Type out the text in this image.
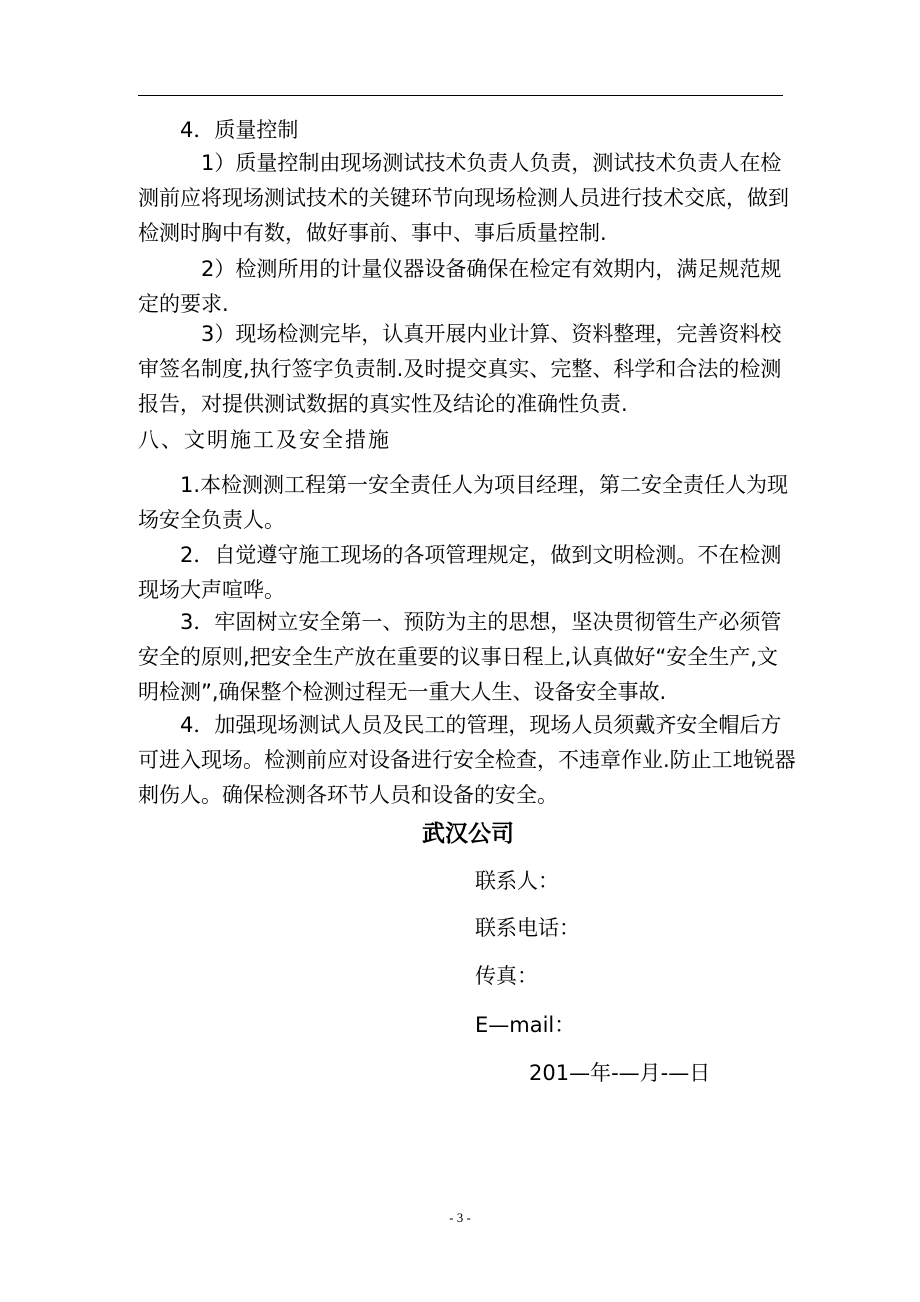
4．质量控制

　1）质量控制由现场测试技术负责人负责，测试技术负责人在检测前应将现场测试技术的关键环节向现场检测人员进行技术交底，做到检测时胸中有数，做好事前、事中、事后质量控制.

　2）检测所用的计量仪器设备确保在检定有效期内，满足规范规定的要求.

　3）现场检测完毕，认真开展内业计算、资料整理，完善资料校审签名制度,执行签字负责制.及时提交真实、完整、科学和合法的检测报告，对提供测试数据的真实性及结论的准确性负责.

八、文明施工及安全措施

1.本检测测工程第一安全责任人为项目经理，第二安全责任人为现场安全负责人。

2．自觉遵守施工现场的各项管理规定，做到文明检测。不在检测现场大声喧哗。

3．牢固树立安全第一、预防为主的思想，坚决贯彻管生产必须管安全的原则,把安全生产放在重要的议事日程上,认真做好“安全生产,文明检测”,确保整个检测过程无一重大人生、设备安全事故.

4．加强现场测试人员及民工的管理，现场人员须戴齐安全帽后方可进入现场。检测前应对设备进行安全检查，不违章作业.防止工地锐器刺伤人。确保检测各环节人员和设备的安全。

武汉公司
联系人：
联系电话：
传真：
E—mail：
201—年-—月-—日
- 3 -
